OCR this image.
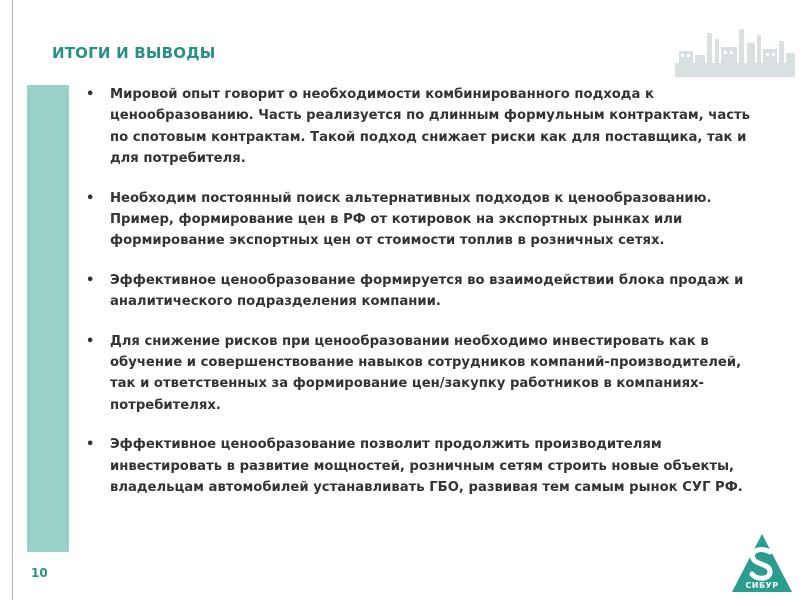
ИТОГИ И ВЫВОДЫ
• Мировой опыт говорит о необходимости комбинированного подхода к ценообразованию. Часть реализуется по длинным формульным контрактам, часть по спотовым контрактам. Такой подход снижает риски как для поставщика, так и для потребителя.
• Необходим постоянный поиск альтернативных подходов к ценообразованию. Пример, формирование цен в РФ от котировок на экспортных рынках или формирование экспортных цен от стоимости топлив в розничных сетях.
• Эффективное ценообразование формируется во взаимодействии блока продаж и аналитического подразделения компании.
• Для снижение рисков при ценообразовании необходимо инвестировать как в обучение и совершенствование навыков сотрудников компаний-производителей, так и ответственных за формирование цен/закупку работников в компаниях-потребителях.
• Эффективное ценообразование позволит продолжить производителям инвестировать в развитие мощностей, розничным сетям строить новые объекты, владельцам автомобилей устанавливать ГБО, развивая тем самым рынок СУГ РФ.
10
СИБУР
